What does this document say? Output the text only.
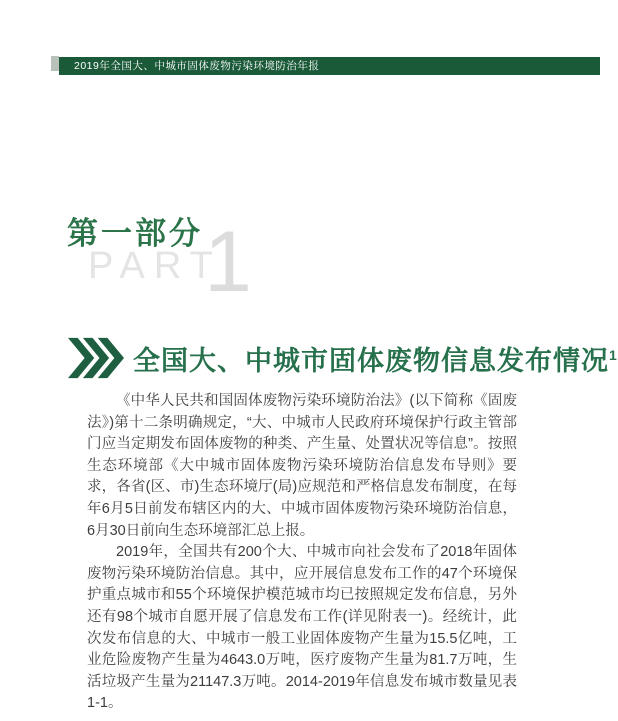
2019年全国大、中城市固体废物污染环境防治年报
第一部分
PART
1
全国大、中城市固体废物信息发布情况$^1$

《中华人民共和国固体废物污染环境防治法》(以下简称《固废法》)第十二条明确规定，“大、中城市人民政府环境保护行政主管部门应当定期发布固体废物的种类、产生量、处置状况等信息”。按照生态环境部《大中城市固体废物污染环境防治信息发布导则》要求，各省(区、市)生态环境厅(局)应规范和严格信息发布制度，在每年6月5日前发布辖区内的大、中城市固体废物污染环境防治信息，6月30日前向生态环境部汇总上报。

2019年，全国共有200个大、中城市向社会发布了2018年固体废物污染环境防治信息。其中，应开展信息发布工作的47个环境保护重点城市和55个环境保护模范城市均已按照规定发布信息，另外还有98个城市自愿开展了信息发布工作(详见附表一)。经统计，此次发布信息的大、中城市一般工业固体废物产生量为15.5亿吨，工业危险废物产生量为4643.0万吨，医疗废物产生量为81.7万吨，生活垃圾产生量为21147.3万吨。2014-2019年信息发布城市数量见表1-1。
